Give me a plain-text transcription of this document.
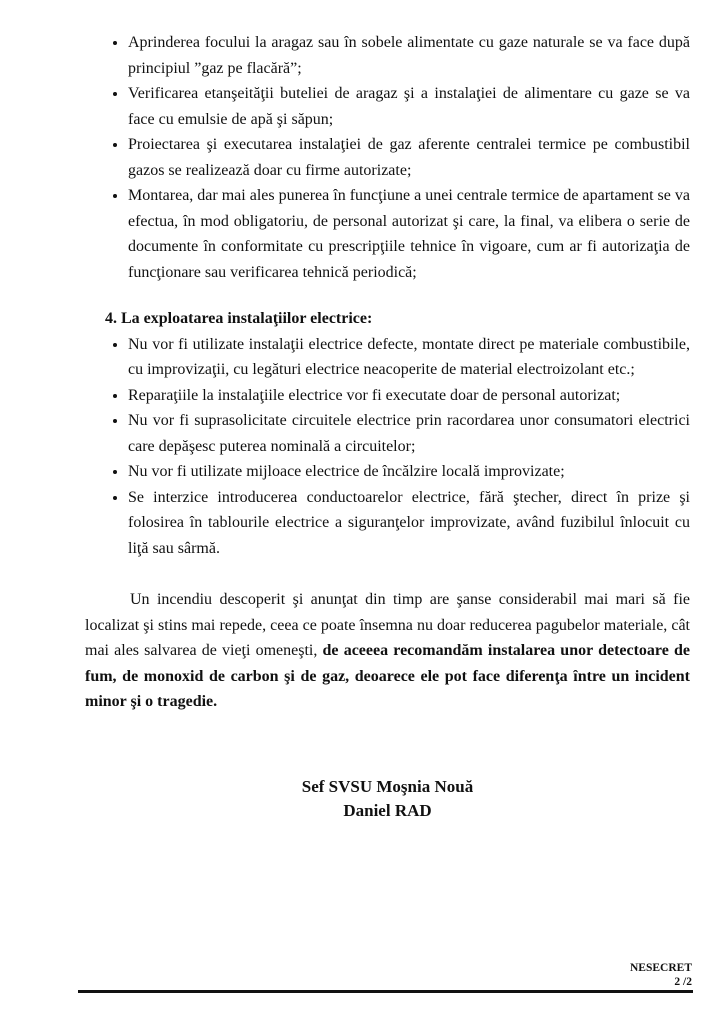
• Aprinderea focului la aragaz sau în sobele alimentate cu gaze naturale se va face după principiul ”gaz pe flacără”;
• Verificarea etanşeităţii buteliei de aragaz şi a instalaţiei de alimentare cu gaze se va face cu emulsie de apă şi săpun;
• Proiectarea şi executarea instalaţiei de gaz aferente centralei termice pe combustibil gazos se realizează doar cu firme autorizate;
• Montarea, dar mai ales punerea în funcţiune a unei centrale termice de apartament se va efectua, în mod obligatoriu, de personal autorizat şi care, la final, va elibera o serie de documente în conformitate cu prescripţiile tehnice în vigoare, cum ar fi autorizaţia de funcţionare sau verificarea tehnică periodică;
4. La exploatarea instalaţiilor electrice:
• Nu vor fi utilizate instalaţii electrice defecte, montate direct pe materiale combustibile, cu improvizaţii, cu legături electrice neacoperite de material electroizolant etc.;
• Reparaţiile la instalaţiile electrice vor fi executate doar de personal autorizat;
• Nu vor fi suprasolicitate circuitele electrice prin racordarea unor consumatori electrici care depăşesc puterea nominală a circuitelor;
• Nu vor fi utilizate mijloace electrice de încălzire locală improvizate;
• Se interzice introducerea conductoarelor electrice, fără ştecher, direct în prize şi folosirea în tablourile electrice a siguranţelor improvizate, având fuzibilul înlocuit cu liţă sau sârmă.

Un incendiu descoperit şi anunţat din timp are şanse considerabil mai mari să fie localizat şi stins mai repede, ceea ce poate însemna nu doar reducerea pagubelor materiale, cât mai ales salvarea de vieţi omeneşti, de aceeea recomandăm instalarea unor detectoare de fum, de monoxid de carbon şi de gaz, deoarece ele pot face diferenţa între un incident minor şi o tragedie.

Sef SVSU Moşnia Nouă
Daniel RAD
NESECRET
2 /2
